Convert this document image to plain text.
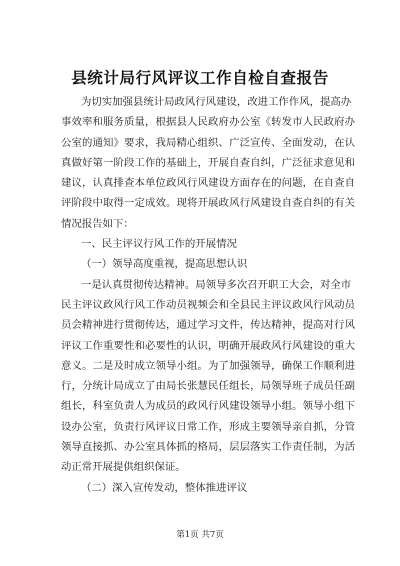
县统计局行风评议工作自检自查报告
为切实加强县统计局政风行风建设，改进工作作风，提高办
事效率和服务质量，根据县人民政府办公室《转发市人民政府办
公室的通知》要求，我局精心组织、广泛宣传、全面发动，在认
真做好第一阶段工作的基础上，开展自查自纠，广泛征求意见和
建议，认真排查本单位政风行风建设方面存在的问题，在自查自
评阶段中取得一定成效。现将开展政风行风建设自查自纠的有关
情况报告如下：
一、民主评议行风工作的开展情况
（一）领导高度重视，提高思想认识
一是认真贯彻传达精神。局领导多次召开职工大会，对全市
民主评议政风行风工作动员视频会和全县民主评议政风行风动员
员会精神进行贯彻传达，通过学习文件，传达精神，提高对行风
评议工作重要性和必要性的认识，明确开展政风行风建设的重大
意义。二是及时成立领导小组。为了加强领导，确保工作顺利进
行，分统计局成立了由局长张慧民任组长，局领导班子成员任副
组长，科室负责人为成员的政风行风建设领导小组。领导小组下
设办公室，负责行风评议日常工作，形成主要领导亲自抓，分管
领导直接抓、办公室具体抓的格局，层层落实工作责任制，为活
动正常开展提供组织保证。
（二）深入宣传发动，整体推进评议
第1页 共7页
